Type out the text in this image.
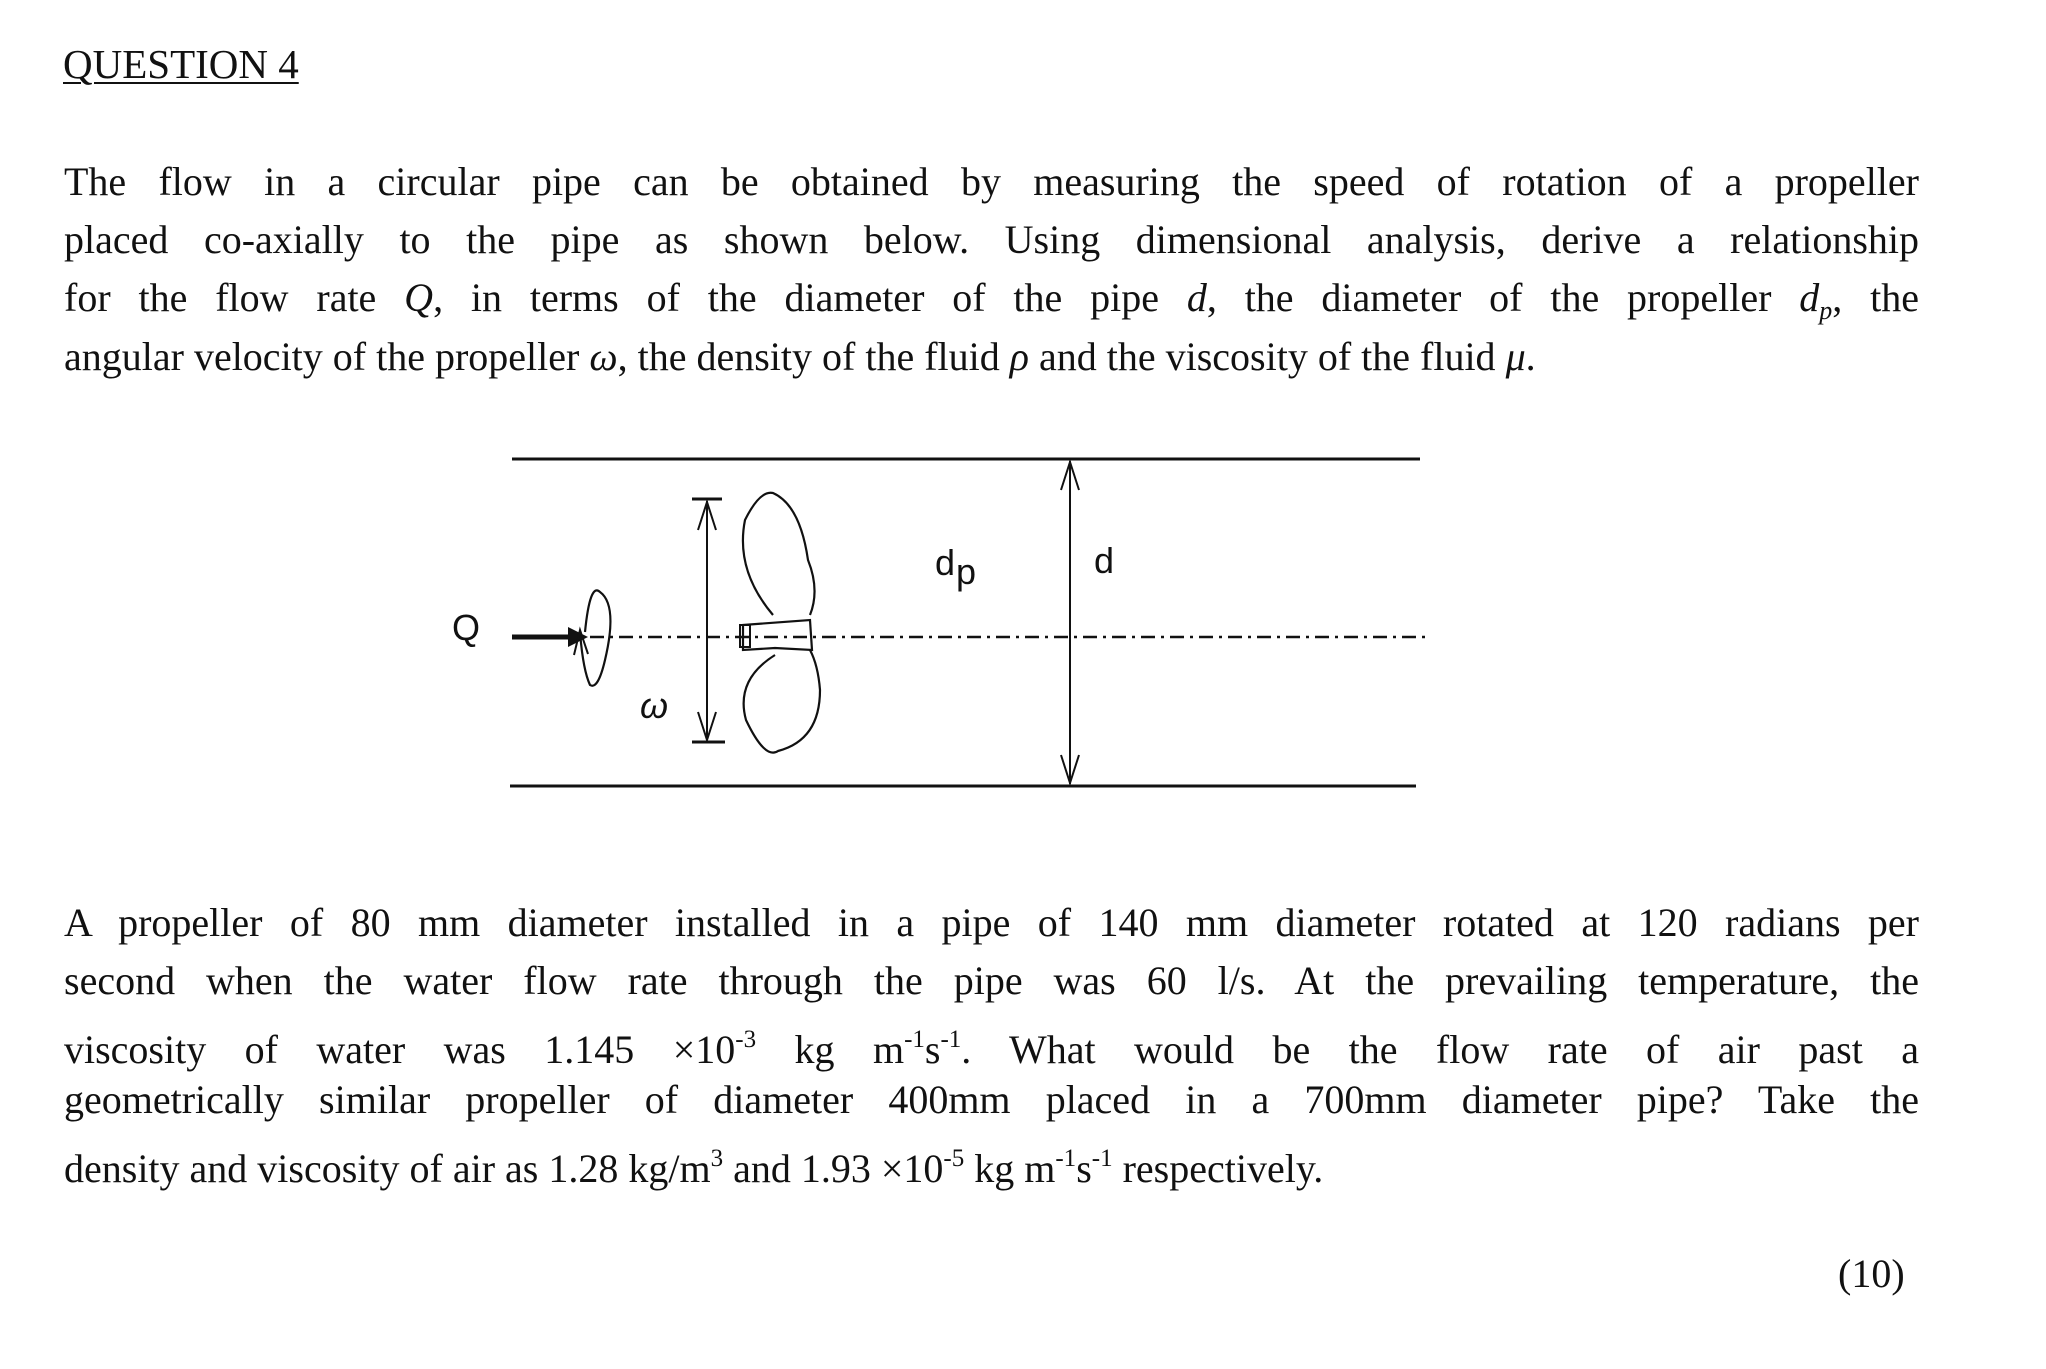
QUESTION 4
The flow in a circular pipe can be obtained by measuring the speed of rotation of a propeller
placed co-axially to the pipe as shown below. Using dimensional analysis, derive a relationship
for the flow rate Q, in terms of the diameter of the pipe d, the diameter of the propeller $d_p$, the
angular velocity of the propeller ω, the density of the fluid ρ and the viscosity of the fluid μ.
Q
ω
d p	d
A propeller of 80 mm diameter installed in a pipe of 140 mm diameter rotated at 120 radians per
second when the water flow rate through the pipe was 60 l/s. At the prevailing temperature, the
viscosity of water was $1.145 \times 10^{-3}$ kg $m^{-1}s^{-1}$. What would be the flow rate of air past a
geometrically similar propeller of diameter 400mm placed in a 700mm diameter pipe? Take the
density and viscosity of air as 1.28 $kg/m^3$ and $1.93 \times 10^{-5}$ kg $m^{-1}s^{-1}$ respectively.
(10)
